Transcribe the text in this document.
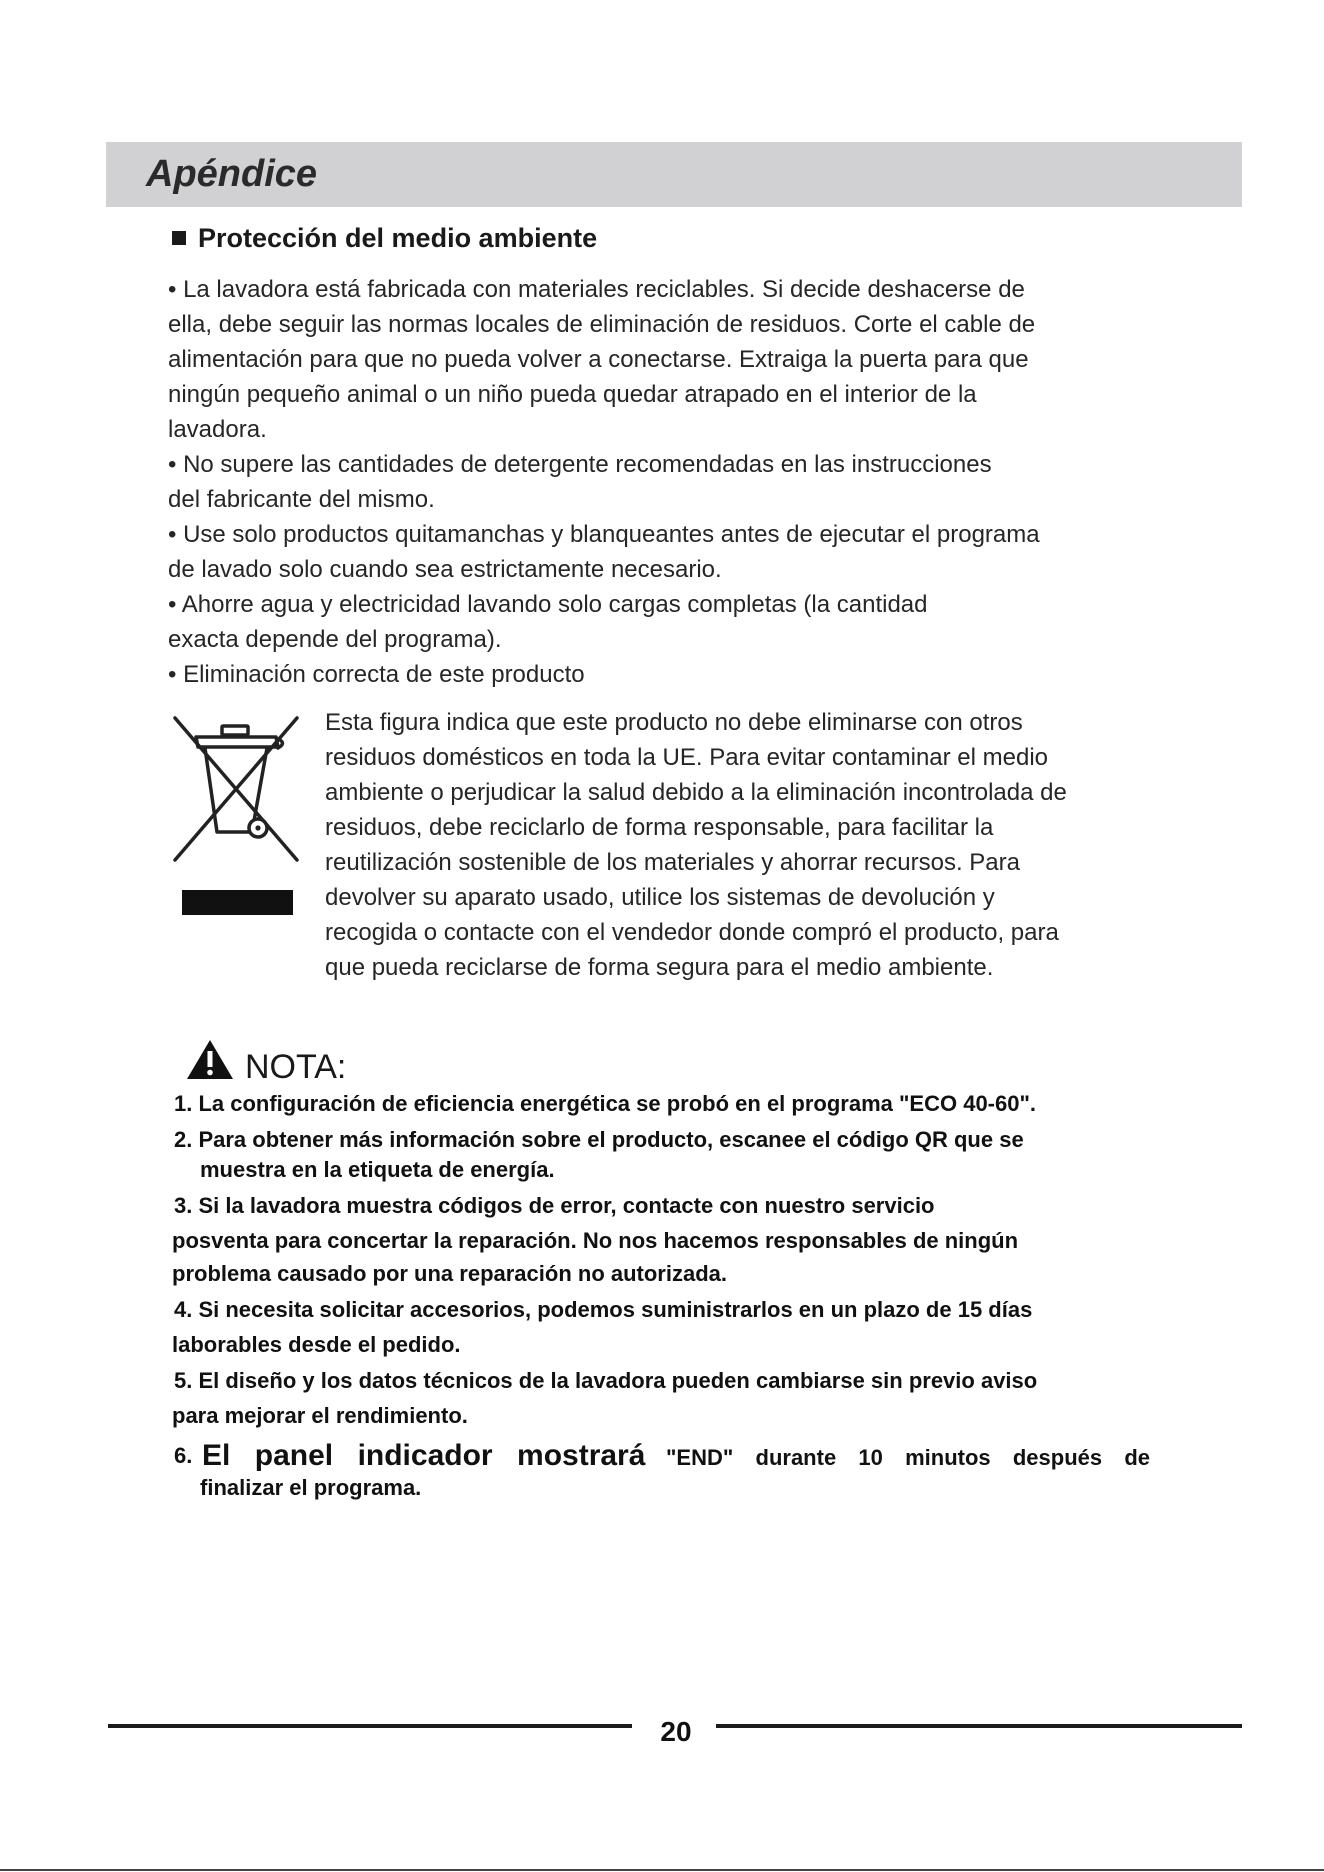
Apéndice
Protección del medio ambiente
• La lavadora está fabricada con materiales reciclables. Si decide deshacerse de
ella, debe seguir las normas locales de eliminación de residuos. Corte el cable de
alimentación para que no pueda volver a conectarse. Extraiga la puerta para que
ningún pequeño animal o un niño pueda quedar atrapado en el interior de la
lavadora.
• No supere las cantidades de detergente recomendadas en las instrucciones
del fabricante del mismo.
• Use solo productos quitamanchas y blanqueantes antes de ejecutar el programa
de lavado solo cuando sea estrictamente necesario.
• Ahorre agua y electricidad lavando solo cargas completas (la cantidad
exacta depende del programa).
• Eliminación correcta de este producto
Esta figura indica que este producto no debe eliminarse con otros
residuos domésticos en toda la UE. Para evitar contaminar el medio
ambiente o perjudicar la salud debido a la eliminación incontrolada de
residuos, debe reciclarlo de forma responsable, para facilitar la
reutilización sostenible de los materiales y ahorrar recursos. Para
devolver su aparato usado, utilice los sistemas de devolución y
recogida o contacte con el vendedor donde compró el producto, para
que pueda reciclarse de forma segura para el medio ambiente.
NOTA:
1. La configuración de eficiencia energética se probó en el programa "ECO 40-60".
2. Para obtener más información sobre el producto, escanee el código QR que se
muestra en la etiqueta de energía.
3. Si la lavadora muestra códigos de error, contacte con nuestro servicio
posventa para concertar la reparación. No nos hacemos responsables de ningún
problema causado por una reparación no autorizada.
4. Si necesita solicitar accesorios, podemos suministrarlos en un plazo de 15 días
laborables desde el pedido.
5. El diseño y los datos técnicos de la lavadora pueden cambiarse sin previo aviso
para mejorar el rendimiento.
6. El panel indicador mostrará "END" durante 10 minutos después de
finalizar el programa.
20
